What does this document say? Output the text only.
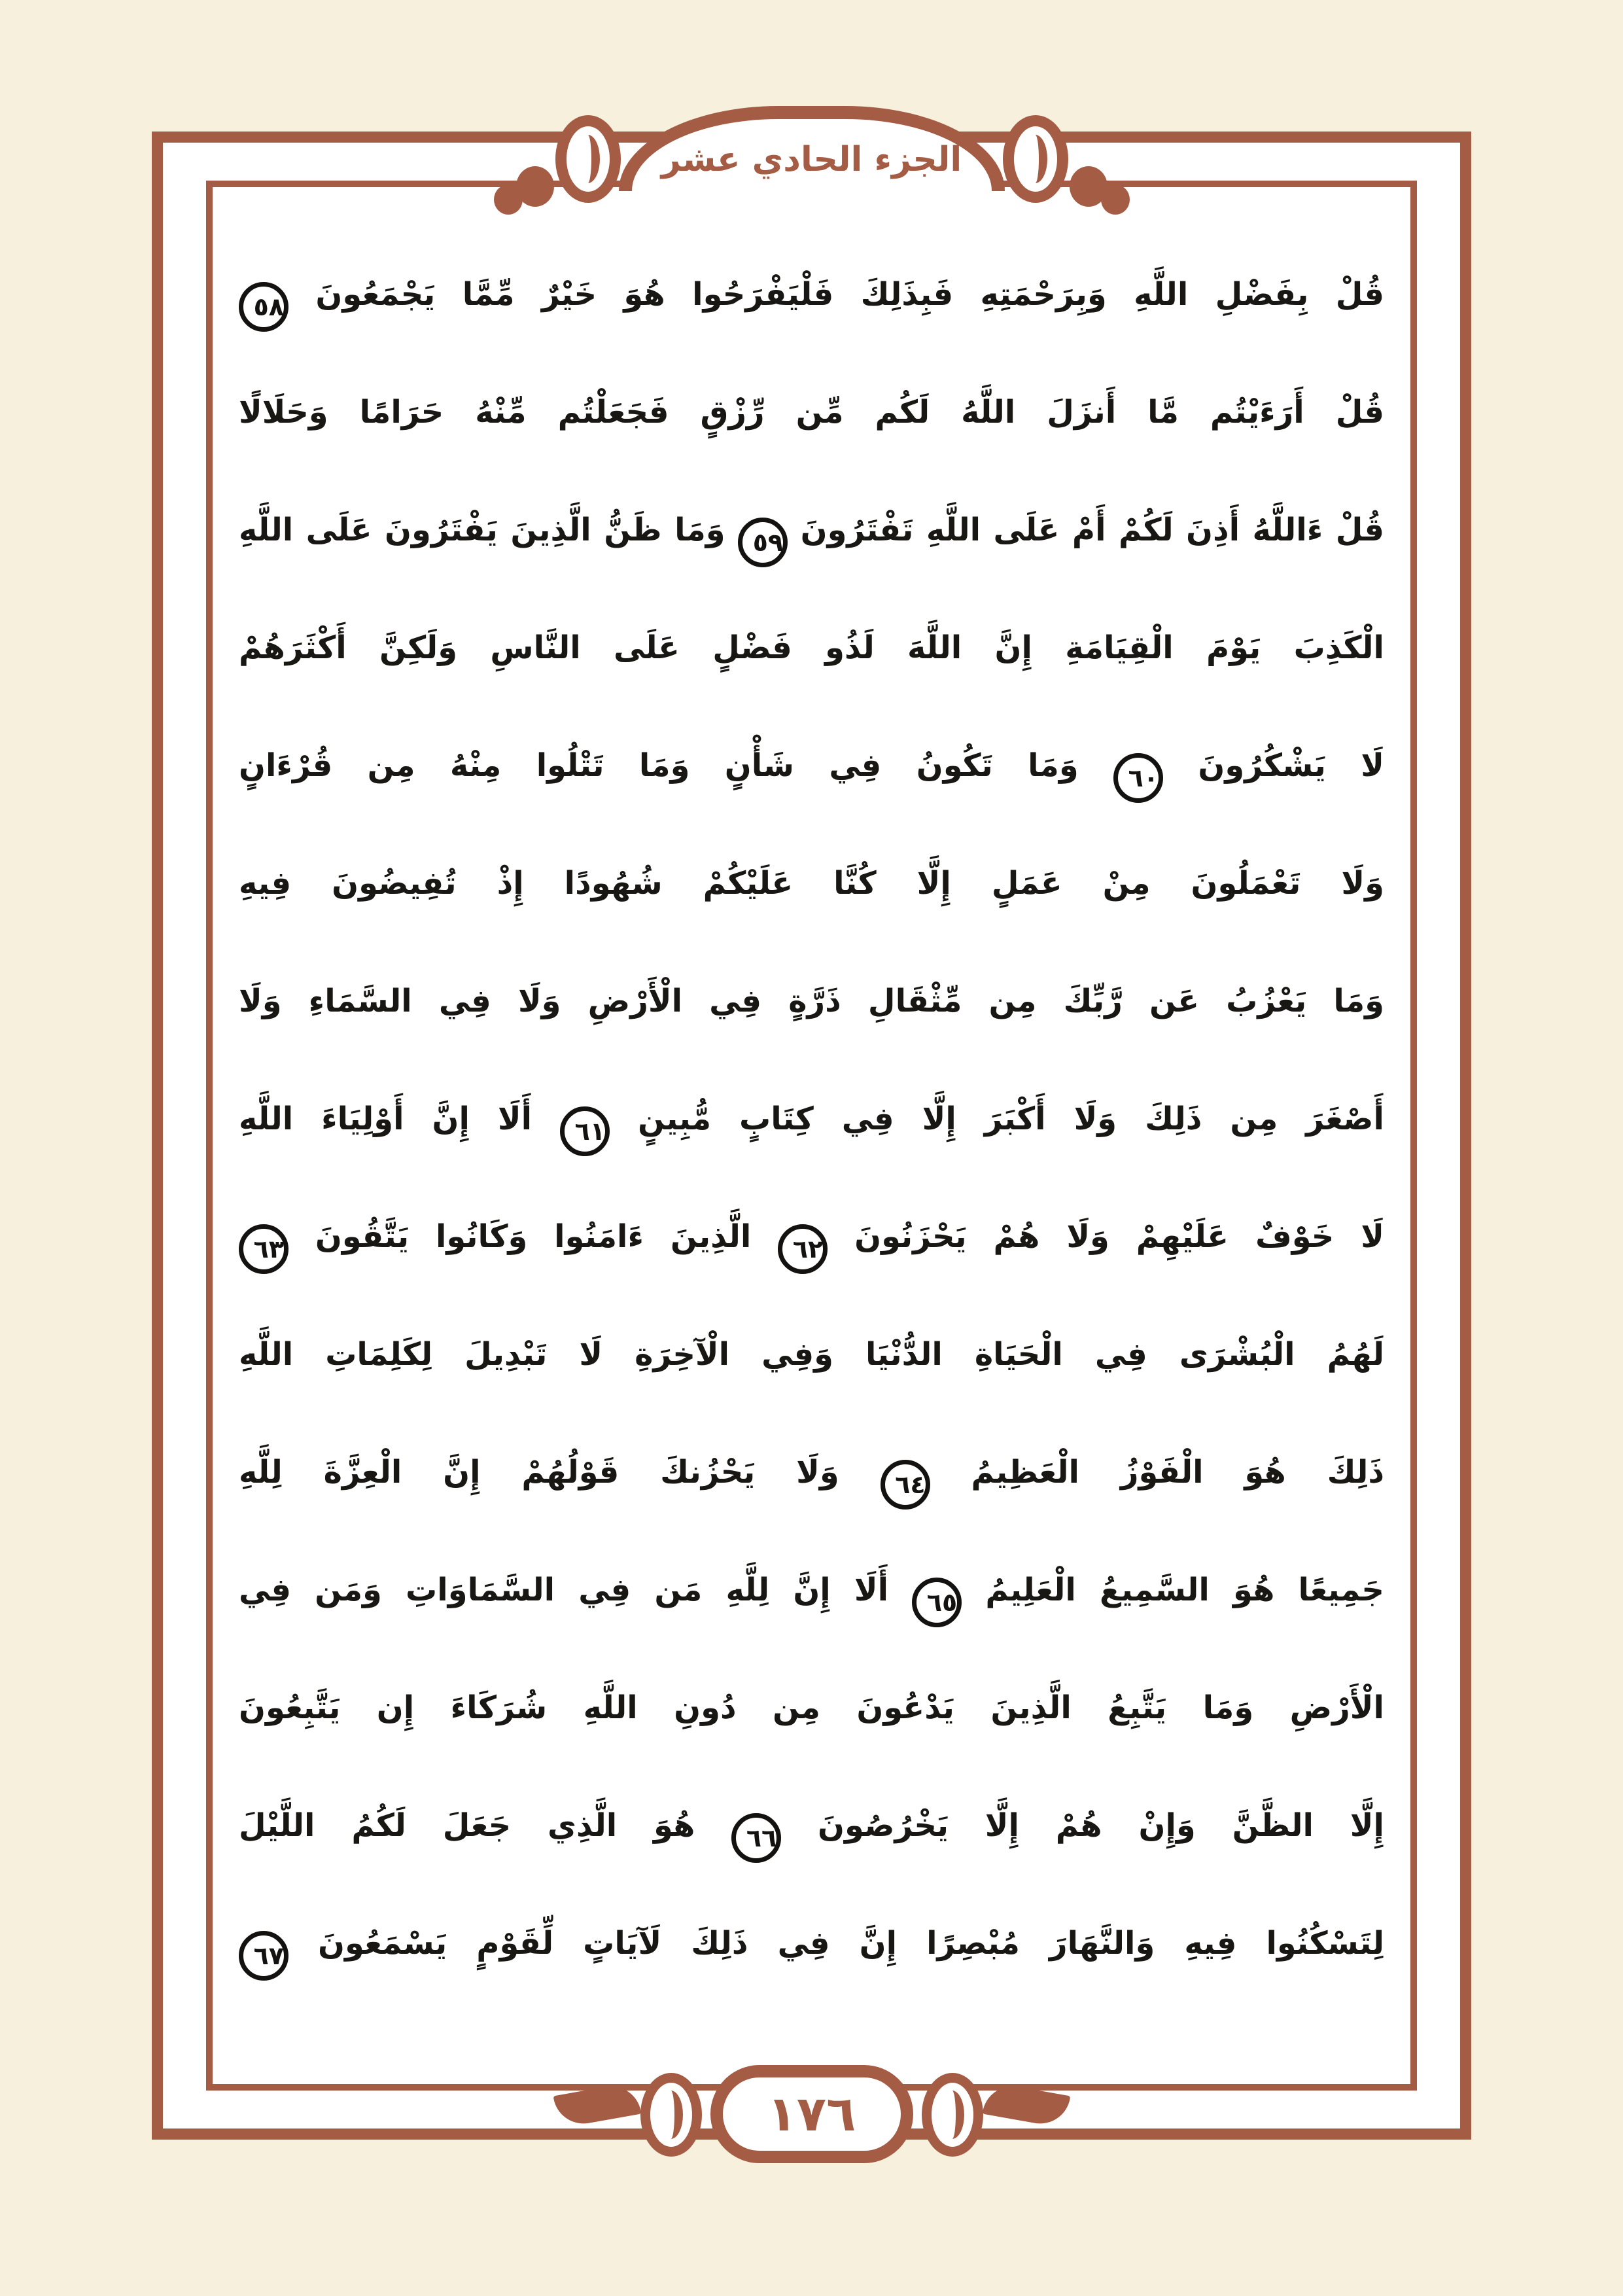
الجزء الحادي عشر
قُلْ بِفَضْلِ اللَّهِ وَبِرَحْمَتِهِ فَبِذَلِكَ فَلْيَفْرَحُوا هُوَ خَيْرٌ مِّمَّا يَجْمَعُونَ ٥٨
قُلْ أَرَءَيْتُم مَّا أَنزَلَ اللَّهُ لَكُم مِّن رِّزْقٍ فَجَعَلْتُم مِّنْهُ حَرَامًا وَحَلَالًا
قُلْ ءَاللَّهُ أَذِنَ لَكُمْ أَمْ عَلَى اللَّهِ تَفْتَرُونَ ٥٩ وَمَا ظَنُّ الَّذِينَ يَفْتَرُونَ عَلَى اللَّهِ
الْكَذِبَ يَوْمَ الْقِيَامَةِ إِنَّ اللَّهَ لَذُو فَضْلٍ عَلَى النَّاسِ وَلَكِنَّ أَكْثَرَهُمْ
لَا يَشْكُرُونَ ٦٠ وَمَا تَكُونُ فِي شَأْنٍ وَمَا تَتْلُوا مِنْهُ مِن قُرْءَانٍ
وَلَا تَعْمَلُونَ مِنْ عَمَلٍ إِلَّا كُنَّا عَلَيْكُمْ شُهُودًا إِذْ تُفِيضُونَ فِيهِ
وَمَا يَعْزُبُ عَن رَّبِّكَ مِن مِّثْقَالِ ذَرَّةٍ فِي الْأَرْضِ وَلَا فِي السَّمَاءِ وَلَا
أَصْغَرَ مِن ذَلِكَ وَلَا أَكْبَرَ إِلَّا فِي كِتَابٍ مُّبِينٍ ٦١ أَلَا إِنَّ أَوْلِيَاءَ اللَّهِ
لَا خَوْفٌ عَلَيْهِمْ وَلَا هُمْ يَحْزَنُونَ ٦٢ الَّذِينَ ءَامَنُوا وَكَانُوا يَتَّقُونَ ٦٣
لَهُمُ الْبُشْرَى فِي الْحَيَاةِ الدُّنْيَا وَفِي الْآخِرَةِ لَا تَبْدِيلَ لِكَلِمَاتِ اللَّهِ
ذَلِكَ هُوَ الْفَوْزُ الْعَظِيمُ ٦٤ وَلَا يَحْزُنكَ قَوْلُهُمْ إِنَّ الْعِزَّةَ لِلَّهِ
جَمِيعًا هُوَ السَّمِيعُ الْعَلِيمُ ٦٥ أَلَا إِنَّ لِلَّهِ مَن فِي السَّمَاوَاتِ وَمَن فِي
الْأَرْضِ وَمَا يَتَّبِعُ الَّذِينَ يَدْعُونَ مِن دُونِ اللَّهِ شُرَكَاءَ إِن يَتَّبِعُونَ
إِلَّا الظَّنَّ وَإِنْ هُمْ إِلَّا يَخْرُصُونَ ٦٦ هُوَ الَّذِي جَعَلَ لَكُمُ اللَّيْلَ
لِتَسْكُنُوا فِيهِ وَالنَّهَارَ مُبْصِرًا إِنَّ فِي ذَلِكَ لَآيَاتٍ لِّقَوْمٍ يَسْمَعُونَ ٦٧
١٧٦
